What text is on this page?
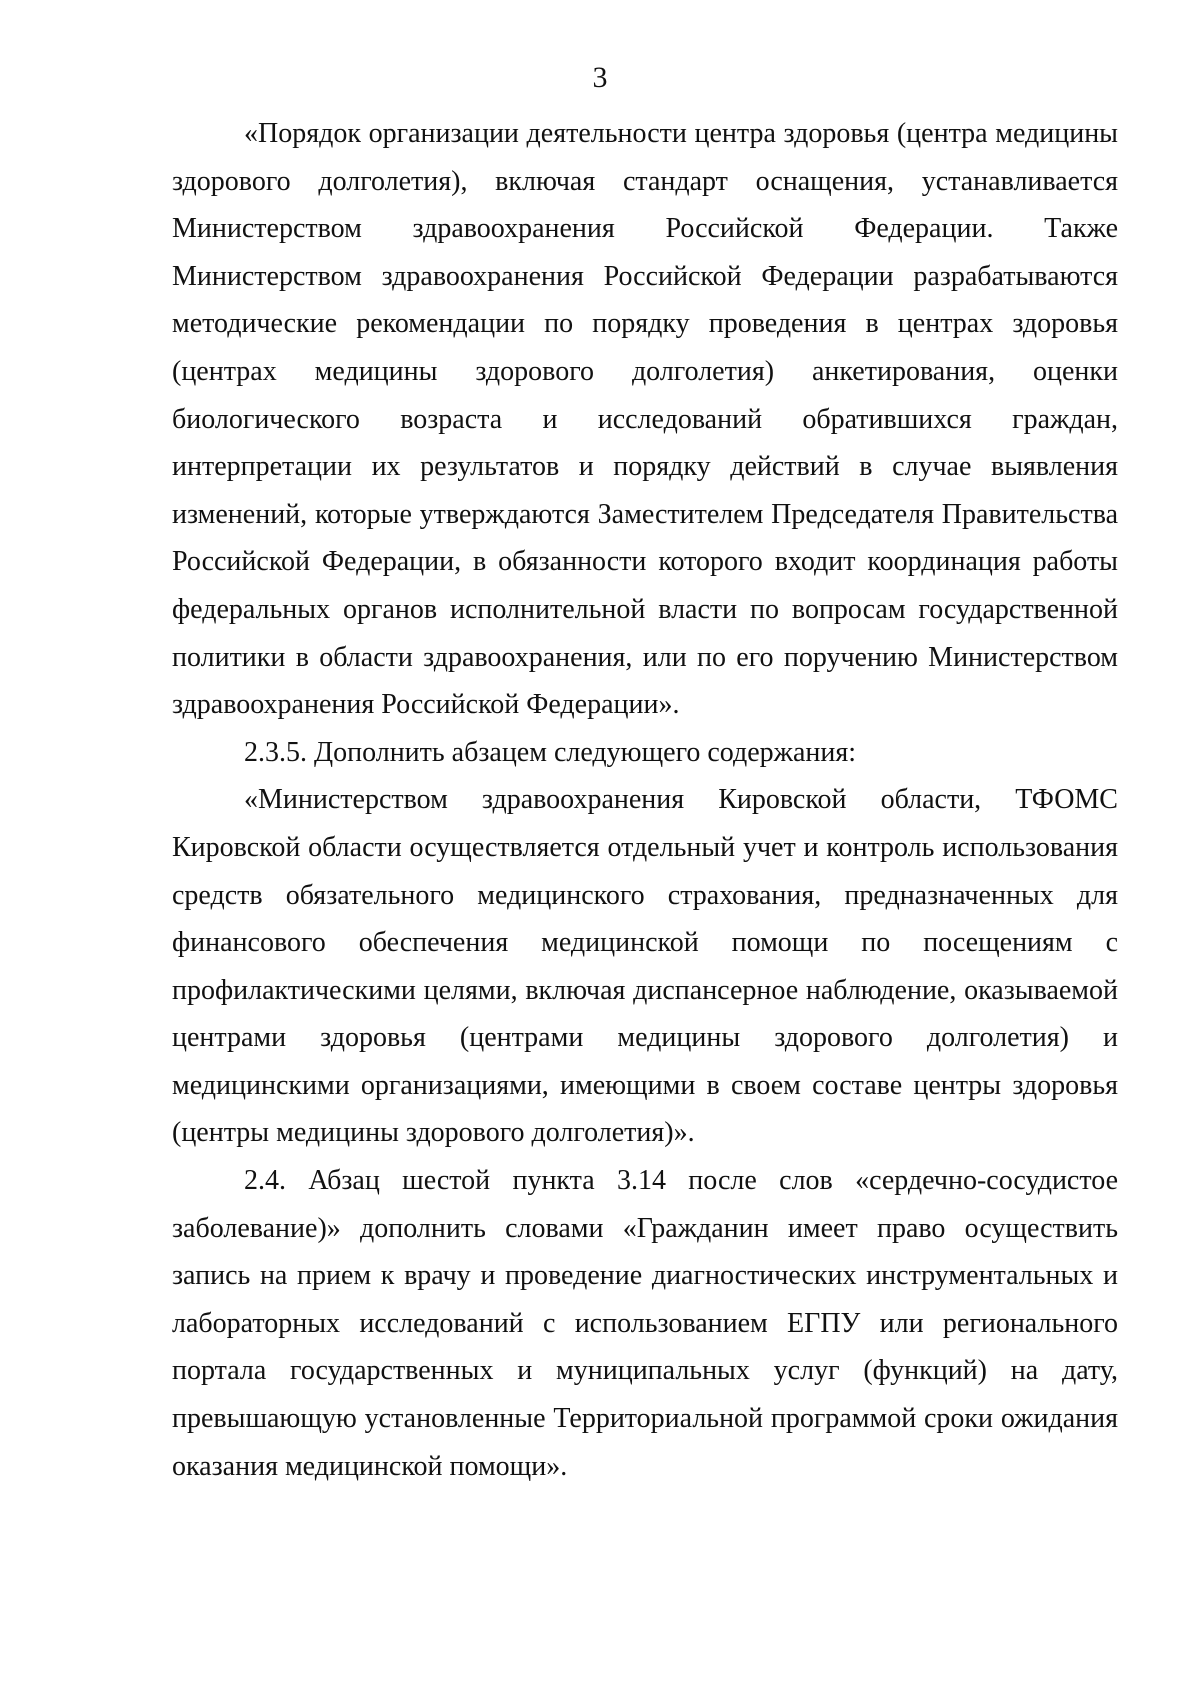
3

«Порядок организации деятельности центра здоровья (центра медицины здорового долголетия), включая стандарт оснащения, устанавливается Министерством здравоохранения Российской Федерации. Также Министерством здравоохранения Российской Федерации разрабатываются методические рекомендации по порядку проведения в центрах здоровья (центрах медицины здорового долголетия) анкетирования, оценки биологического возраста и исследований обратившихся граждан, интерпретации их результатов и порядку действий в случае выявления изменений, которые утверждаются Заместителем Председателя Правительства Российской Федерации, в обязанности которого входит координация работы федеральных органов исполнительной власти по вопросам государственной политики в области здравоохранения, или по его поручению Министерством здравоохранения Российской Федерации».

2.3.5. Дополнить абзацем следующего содержания:

«Министерством здравоохранения Кировской области, ТФОМС Кировской области осуществляется отдельный учет и контроль использования средств обязательного медицинского страхования, предназначенных для финансового обеспечения медицинской помощи по посещениям с профилактическими целями, включая диспансерное наблюдение, оказываемой центрами здоровья (центрами медицины здорового долголетия) и медицинскими организациями, имеющими в своем составе центры здоровья (центры медицины здорового долголетия)».

2.4. Абзац шестой пункта 3.14 после слов «сердечно-сосудистое заболевание)» дополнить словами «Гражданин имеет право осуществить запись на прием к врачу и проведение диагностических инструментальных и лабораторных исследований с использованием ЕГПУ или регионального портала государственных и муниципальных услуг (функций) на дату, превышающую установленные Территориальной программой сроки ожидания оказания медицинской помощи».
